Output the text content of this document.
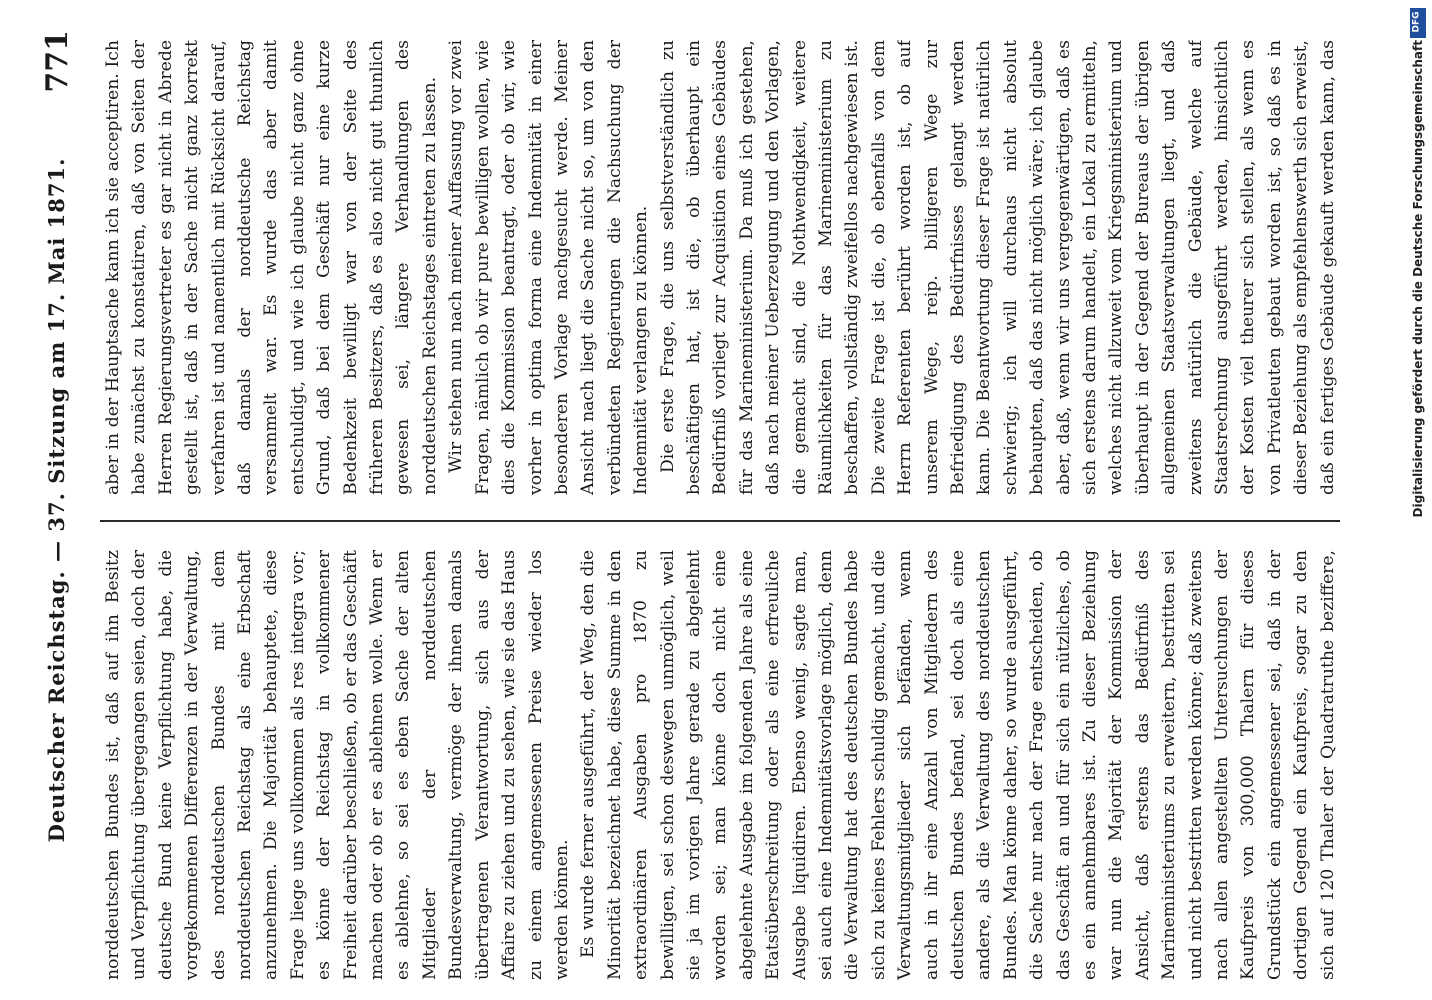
Deutscher Reichstag. — 37. Sitzung am 17. Mai 1871.
771

norddeutschen Bundes ist, daß auf ihn Besitz und Verpflichtung übergegangen seien, doch der deutsche Bund keine Verpflichtung habe, die vorgekommenen Differenzen in der Verwaltung, des norddeutschen Bundes mit dem norddeutschen Reichstag als eine Erbschaft anzunehmen. Die Majorität behauptete, diese Frage liege uns vollkommen als res integra vor; es könne der Reichstag in vollkommener Freiheit darüber beschließen, ob er das Geschäft machen oder ob er es ablehnen wolle. Wenn er es ablehne, so sei es eben Sache der alten Mitglieder der norddeutschen Bundesverwaltung, vermöge der ihnen damals übertragenen Verantwortung, sich aus der Affaire zu ziehen und zu sehen, wie sie das Haus zu einem angemessenen Preise wieder los werden können. Es wurde ferner ausgeführt, der Weg, den die Minorität bezeichnet habe, diese Summe in den extraordinären Ausgaben pro 1870 zu bewilligen, sei schon deswegen unmöglich, weil sie ja im vorigen Jahre gerade zu abgelehnt worden sei; man könne doch nicht eine abgelehnte Ausgabe im folgenden Jahre als eine Etatsüberschreitung oder als eine erfreuliche Ausgabe liquidiren. Ebenso wenig, sagte man, sei auch eine Indemnitätsvorlage möglich, denn die Verwaltung hat des deutschen Bundes habe sich zu keines Fehlers schuldig gemacht, und die Verwaltungsmitglieder sich befänden, wenn auch in ihr eine Anzahl von Mitgliedern des deutschen Bundes befand, sei doch als eine andere, als die Verwaltung des norddeutschen Bundes. Man könne daher, so wurde ausgeführt, die Sache nur nach der Frage entscheiden, ob das Geschäft an und für sich ein nützliches, ob es ein annehmbares ist. Zu dieser Beziehung war nun die Majorität der Kommission der Ansicht, daß erstens das Bedürfniß des Marineministeriums zu erweitern, bestritten sei und nicht bestritten werden könne; daß zweitens nach allen angestellten Untersuchungen der Kaufpreis von 300,000 Thalern für dieses Grundstück ein angemessener sei, daß in der dortigen Gegend ein Kaufpreis, sogar zu den sich auf 120 Thaler der Quadratruthe beziffere,

aber in der Hauptsache kann ich sie acceptiren. Ich habe zunächst zu konstatiren, daß von Seiten der Herren Regierungsvertreter es gar nicht in Abrede gestellt ist, daß in der Sache nicht ganz korrekt verfahren ist und namentlich mit Rücksicht darauf, daß damals der norddeutsche Reichstag versammelt war. Es wurde das aber damit entschuldigt, und wie ich glaube nicht ganz ohne Grund, daß bei dem Geschäft nur eine kurze Bedenkzeit bewilligt war von der Seite des früheren Besitzers, daß es also nicht gut thunlich gewesen sei, längere Verhandlungen des norddeutschen Reichstages eintreten zu lassen. Wir stehen nun nach meiner Auffassung vor zwei Fragen, nämlich ob wir pure bewilligen wollen, wie dies die Kommission beantragt, oder ob wir, wie vorher in optima forma eine Indemnität in einer besonderen Vorlage nachgesucht werde. Meiner Ansicht nach liegt die Sache nicht so, um von den verbündeten Regierungen die Nachsuchung der Indemnität verlangen zu können. Die erste Frage, die uns selbstverständlich zu beschäftigen hat, ist die, ob überhaupt ein Bedürfniß vorliegt zur Acquisition eines Gebäudes für das Marineministerium. Da muß ich gestehen, daß nach meiner Ueberzeugung und den Vorlagen, die gemacht sind, die Nothwendigkeit, weitere Räumlichkeiten für das Marineministerium zu beschaffen, vollständig zweifellos nachgewiesen ist. Die zweite Frage ist die, ob ebenfalls von dem Herrn Referenten berührt worden ist, ob auf unserem Wege, reip. billigeren Wege zur Befriedigung des Bedürfnisses gelangt werden kann. Die Beantwortung dieser Frage ist natürlich schwierig; ich will durchaus nicht absolut behaupten, daß das nicht möglich wäre; ich glaube aber, daß, wenn wir uns vergegenwärtigen, daß es sich erstens darum handelt, ein Lokal zu ermitteln, welches nicht allzuweit vom Kriegsministerium und überhaupt in der Gegend der Bureaus der übrigen allgemeinen Staatsverwaltungen liegt, und daß zweitens natürlich die Gebäude, welche auf Staatsrechnung ausgeführt werden, hinsichtlich der Kosten viel theurer sich stellen, als wenn es von Privatleuten gebaut worden ist, so daß es in dieser Beziehung als empfehlenswerth sich erweist, daß ein fertiges Gebäude gekauft werden kann, das	Digitalisierung gefördert durch die Deutsche Forschungsgemeinschaft
DFG
